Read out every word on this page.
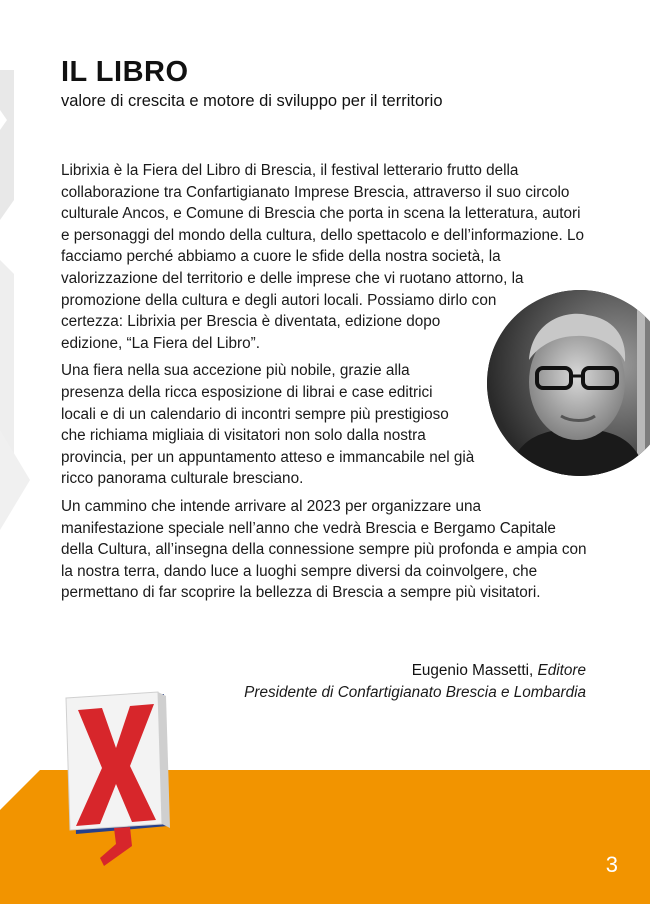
IL LIBRO

valore di crescita e motore di sviluppo per il territorio

Librixia è la Fiera del Libro di Brescia, il festival letterario frutto della collaborazione tra Confartigianato Imprese Brescia, attraverso il suo circolo culturale Ancos, e Comune di Brescia che porta in scena la letteratura, autori e personaggi del mondo della cultura, dello spettacolo e dell’informazione. Lo facciamo perché abbiamo a cuore le sfide della nostra società, la valorizzazione del territorio e delle imprese che vi ruotano attorno, la promozione della cultura e degli autori locali. Possiamo dirlo con certezza: Librixia per Brescia è diventata, edizione dopo edizione, “La Fiera del Libro”.

Una fiera nella sua accezione più nobile, grazie alla presenza della ricca esposizione di librai e case editrici locali e di un calendario di incontri sempre più prestigioso che richiama migliaia di visitatori non solo dalla nostra provincia, per un appuntamento atteso e immancabile nel già ricco panorama culturale bresciano.

Un cammino che intende arrivare al 2023 per organizzare una manifestazione speciale nell’anno che vedrà Brescia e Bergamo Capitale della Cultura, all’insegna della connessione sempre più profonda e ampia con la nostra terra, dando luce a luoghi sempre diversi da coinvolgere, che permettano di far scoprire la bellezza di Brescia a sempre più visitatori.

Eugenio Massetti, Editore
Presidente di Confartigianato Brescia e Lombardia
3
